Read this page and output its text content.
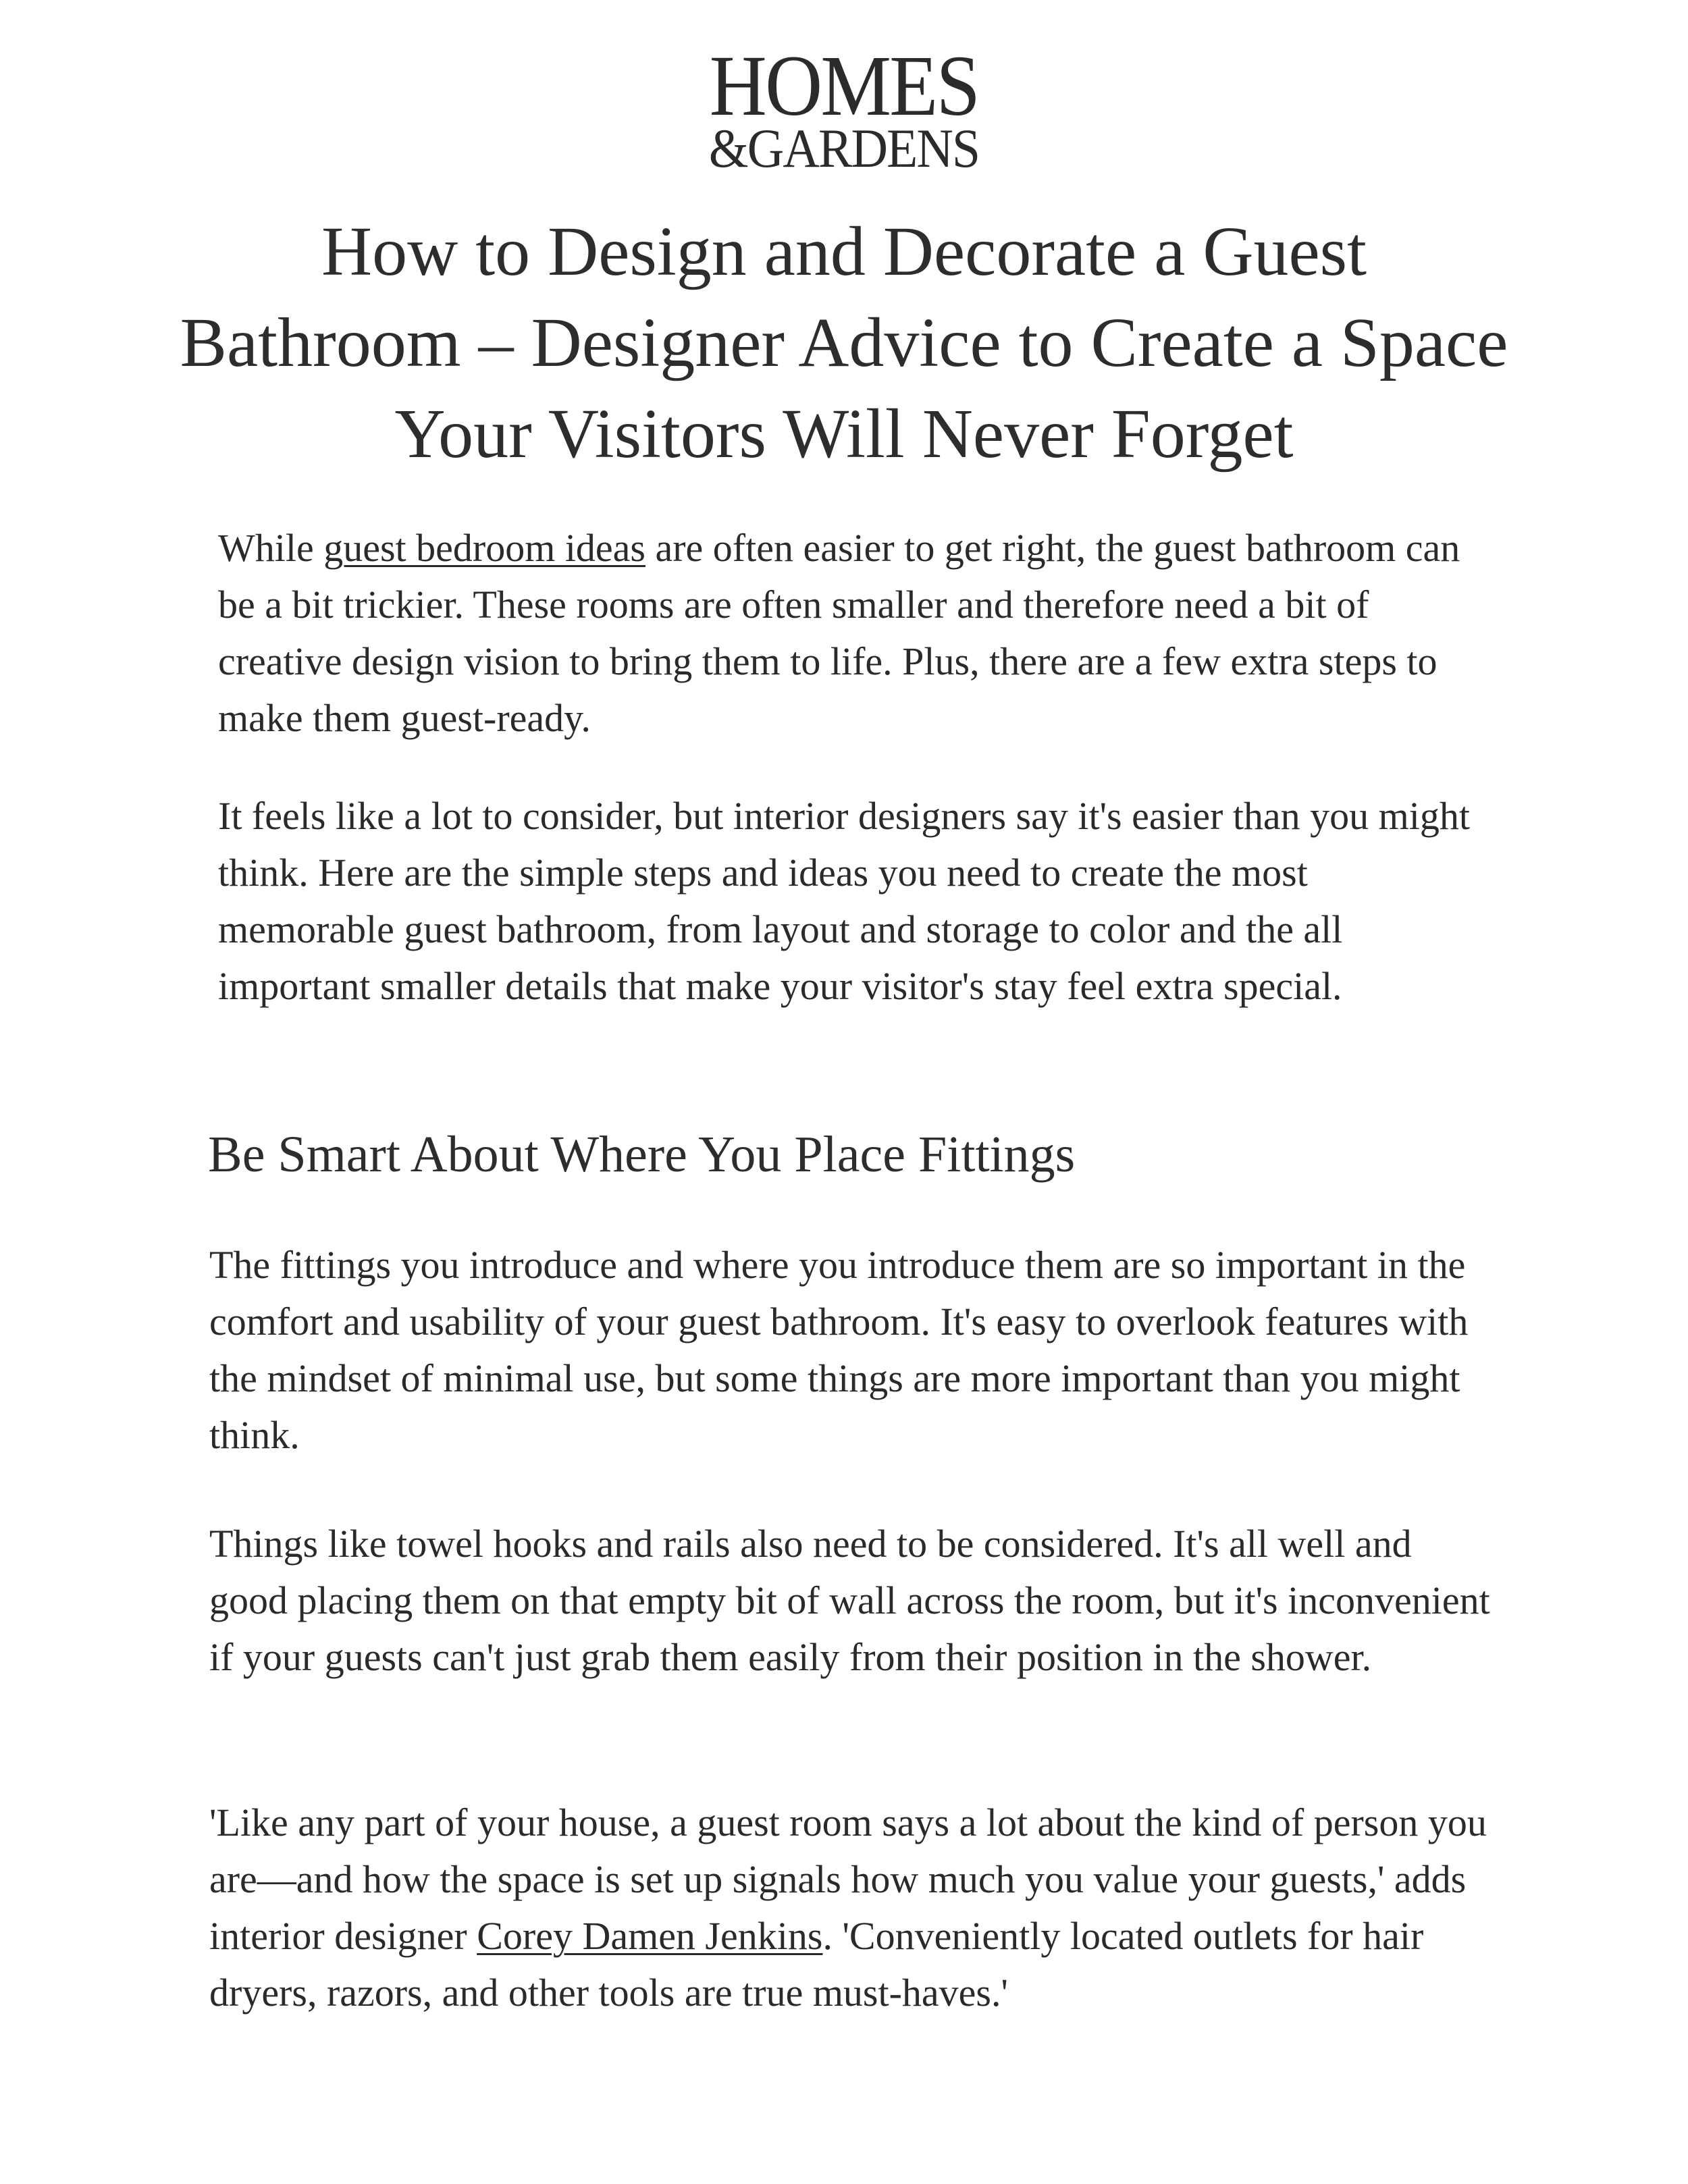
HOMES
&GARDENS
How to Design and Decorate a Guest Bathroom – Designer Advice to Create a Space Your Visitors Will Never Forget

While guest bedroom ideas are often easier to get right, the guest bathroom can be a bit trickier. These rooms are often smaller and therefore need a bit of creative design vision to bring them to life. Plus, there are a few extra steps to make them guest-ready.

It feels like a lot to consider, but interior designers say it's easier than you might think. Here are the simple steps and ideas you need to create the most memorable guest bathroom, from layout and storage to color and the all important smaller details that make your visitor's stay feel extra special.

Be Smart About Where You Place Fittings

The fittings you introduce and where you introduce them are so important in the comfort and usability of your guest bathroom. It's easy to overlook features with the mindset of minimal use, but some things are more important than you might think.

Things like towel hooks and rails also need to be considered. It's all well and good placing them on that empty bit of wall across the room, but it's inconvenient if your guests can't just grab them easily from their position in the shower.

'Like any part of your house, a guest room says a lot about the kind of person you are—and how the space is set up signals how much you value your guests,' adds interior designer Corey Damen Jenkins. 'Conveniently located outlets for hair dryers, razors, and other tools are true must-haves.'
